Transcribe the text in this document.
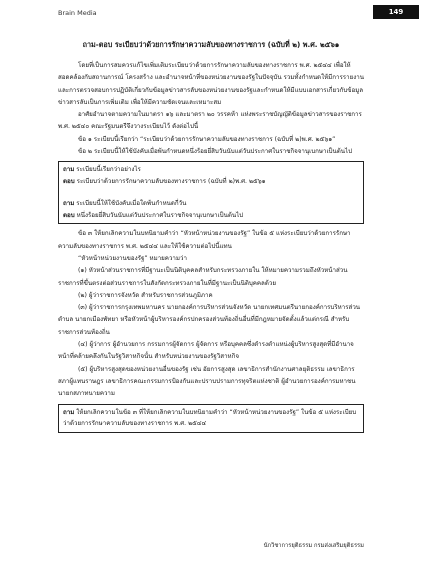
Brain Media	149
ถาม-ตอบ ระเบียบว่าด้วยการรักษาความลับของทางราชการ (ฉบับที่ ๒) พ.ศ. ๒๕๖๑

โดยที่เป็นการสมควรแก้ไขเพิ่มเติมระเบียบว่าด้วยการรักษาความลับของทางราชการ พ.ศ. ๒๕๔๔ เพื่อให้สอดคล้องกับสถานการณ์ โครงสร้าง และอำนาจหน้าที่ของหน่วยงานของรัฐในปัจจุบัน รวมทั้งกำหนดให้มีการรายงานและการตรวจสอบการปฏิบัติเกี่ยวกับข้อมูลข่าวสารลับของหน่วยงานของรัฐและกำหนดให้มีแบบเอกสารเกี่ยวกับข้อมูลข่าวสารลับเป็นการเพิ่มเติม เพื่อให้มีความชัดเจนและเหมาะสม

อาศัยอำนาจตามความในมาตรา ๑๖ และมาตรา ๒๐ วรรคห้า แห่งพระราชบัญญัติข้อมูลข่าวสารของราชการ พ.ศ. ๒๕๔๐ คณะรัฐมนตรีจึงวางระเบียบไว้ ดังต่อไปนี้

ข้อ ๑ ระเบียบนี้เรียกว่า “ระเบียบว่าด้วยการรักษาความลับของทางราชการ (ฉบับที่ ๒)พ.ศ. ๒๕๖๑”

ข้อ ๒ ระเบียบนี้ให้ใช้บังคับเมื่อพ้นกำหนดหนึ่งร้อยยี่สิบวันนับแต่วันประกาศในราชกิจจานุเบกษาเป็นต้นไป

ถาม ระเบียบนี้เรียกว่าอย่างไร

ตอบ ระเบียบว่าด้วยการรักษาความลับของทางราชการ (ฉบับที่ ๒)พ.ศ. ๒๕๖๑

ถาม ระเบียบนี้ให้ใช้บังคับเมื่อใดพ้นกำหนดกี่วัน

ตอบ หนึ่งร้อยยี่สิบวันนับแต่วันประกาศในราชกิจจานุเบกษาเป็นต้นไป

ข้อ ๓ ให้ยกเลิกความในบทนิยามคำว่า “หัวหน้าหน่วยงานของรัฐ” ในข้อ ๕ แห่งระเบียบว่าด้วยการรักษาความลับของทางราชการ พ.ศ. ๒๕๔๔ และให้ใช้ความต่อไปนี้แทน

“หัวหน้าหน่วยงานของรัฐ” หมายความว่า

(๑) หัวหน้าส่วนราชการที่มีฐานะเป็นนิติบุคคลสำหรับกระทรวงภายใน ให้หมายความรวมถึงหัวหน้าส่วนราชการที่ขึ้นตรงต่อส่วนราชการในสังกัดกระทรวงภายในที่มีฐานะเป็นนิติบุคคลด้วย

(๒) ผู้ว่าราชการจังหวัด สำหรับราชการส่วนภูมิภาค

(๓) ผู้ว่าราชการกรุงเทพมหานคร นายกองค์การบริหารส่วนจังหวัด นายกเทศมนตรีนายกองค์การบริหารส่วนตำบล นายกเมืองพัทยา หรือหัวหน้าผู้บริหารองค์กรปกครองส่วนท้องถิ่นอื่นที่มีกฎหมายจัดตั้งแล้วแต่กรณี สำหรับราชการส่วนท้องถิ่น

(๔) ผู้ว่าการ ผู้อำนวยการ กรรมการผู้จัดการ ผู้จัดการ หรือบุคคลซึ่งดำรงตำแหน่งผู้บริหารสูงสุดที่มีอำนาจหน้าที่คล้ายคลึงกันในรัฐวิสาหกิจนั้น สำหรับหน่วยงานของรัฐวิสาหกิจ

(๕) ผู้บริหารสูงสุดของหน่วยงานอื่นของรัฐ เช่น อัยการสูงสุด เลขาธิการสำนักงานศาลยุติธรรม เลขาธิการสภาผู้แทนราษฎร เลขาธิการคณะกรรมการป้องกันและปราบปรามการทุจริตแห่งชาติ ผู้อำนวยการองค์การมหาชน นายกสภาทนายความ

ถาม ให้ยกเลิกความในข้อ ๓ ที่ให้ยกเลิกความในบทนิยามคำว่า “หัวหน้าหน่วยงานของรัฐ” ในข้อ ๕ แห่งระเบียบว่าด้วยการรักษาความลับของทางราชการ พ.ศ. ๒๕๔๔

นักวิชาการยุติธรรม กรมส่งเสริมยุติธรรม
